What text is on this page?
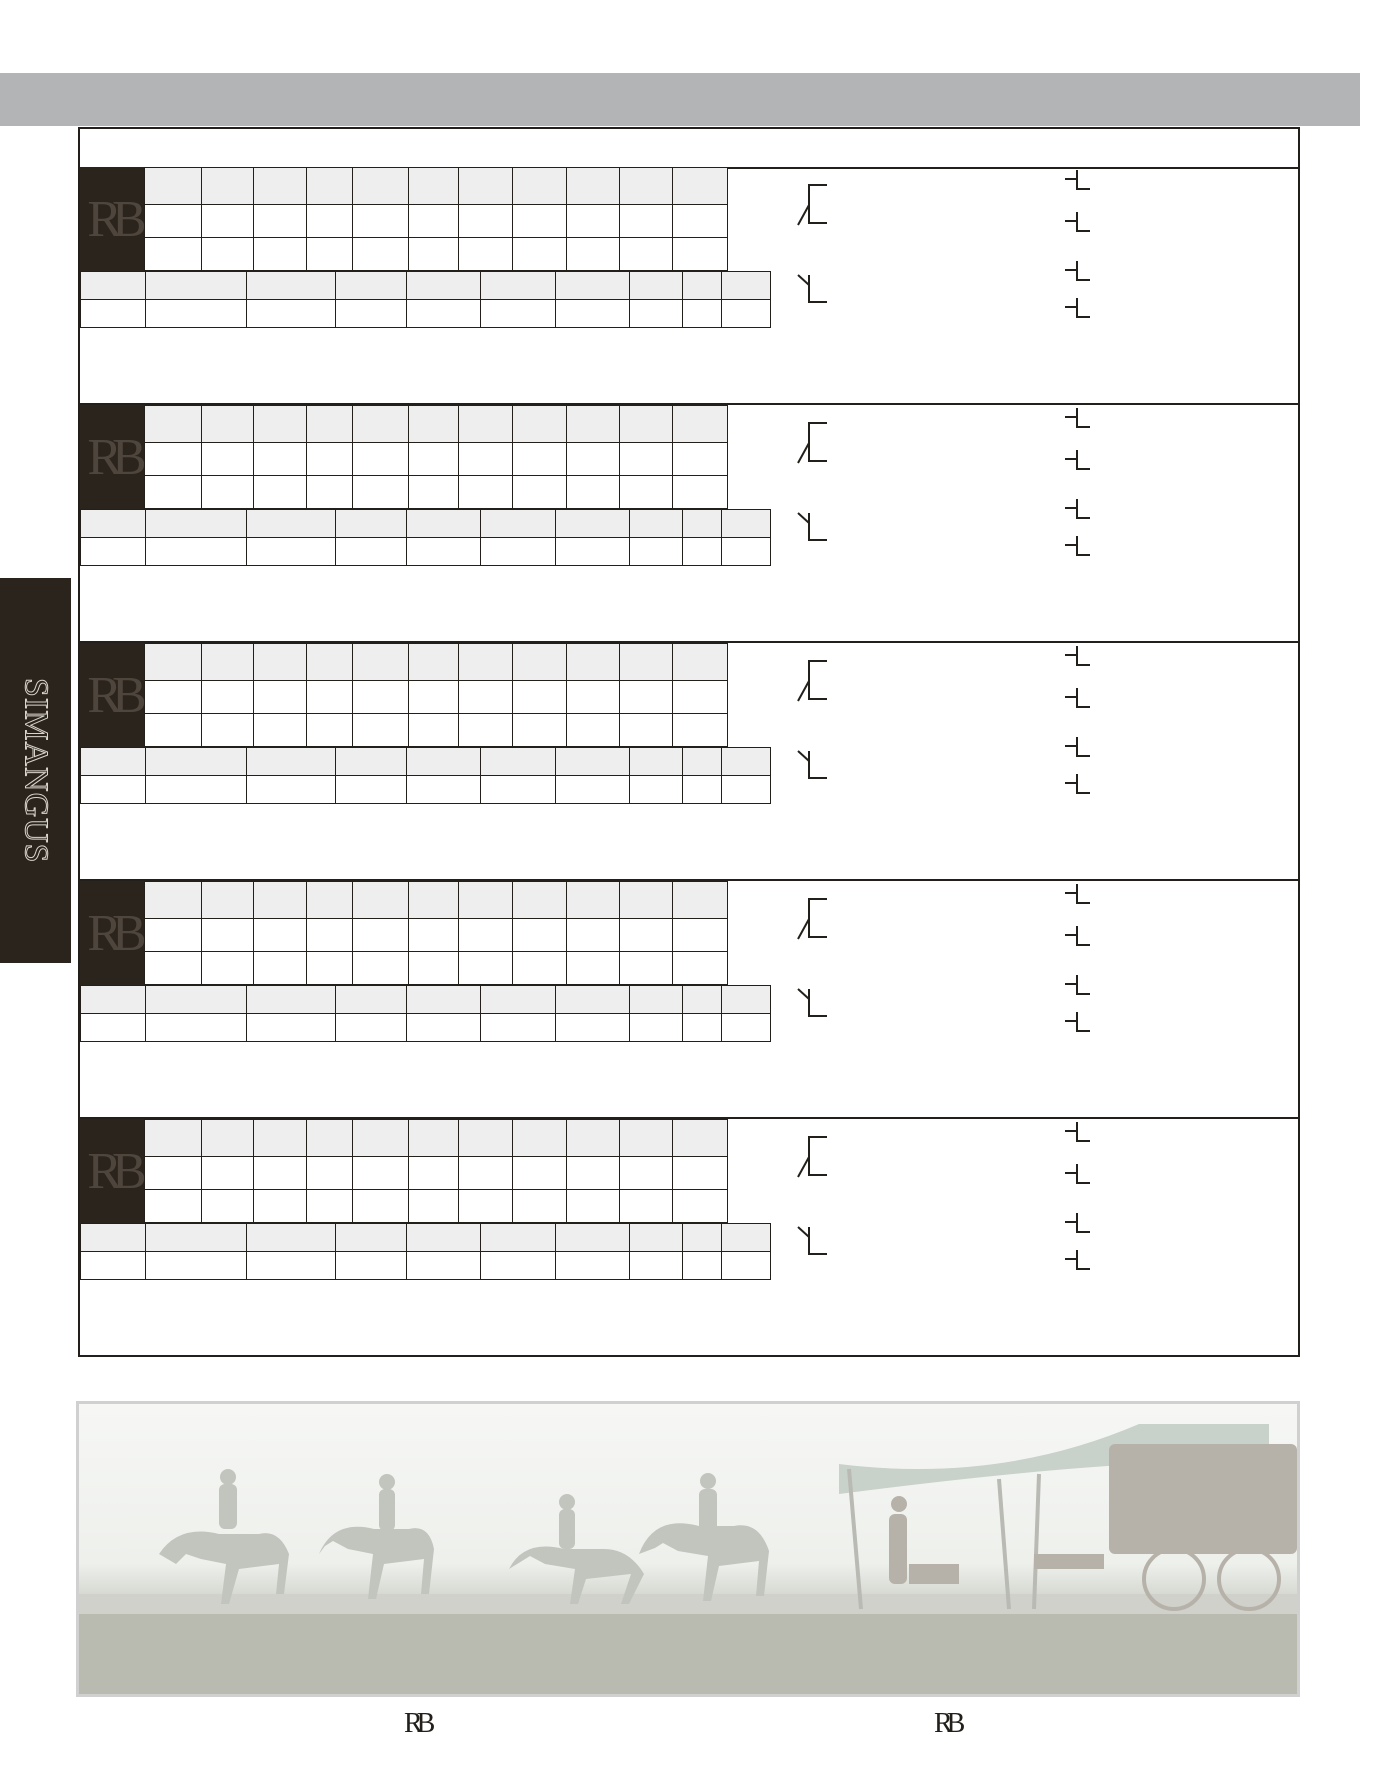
SIMANGUS
RB

RB

RB

RB

RB

RB	RB
